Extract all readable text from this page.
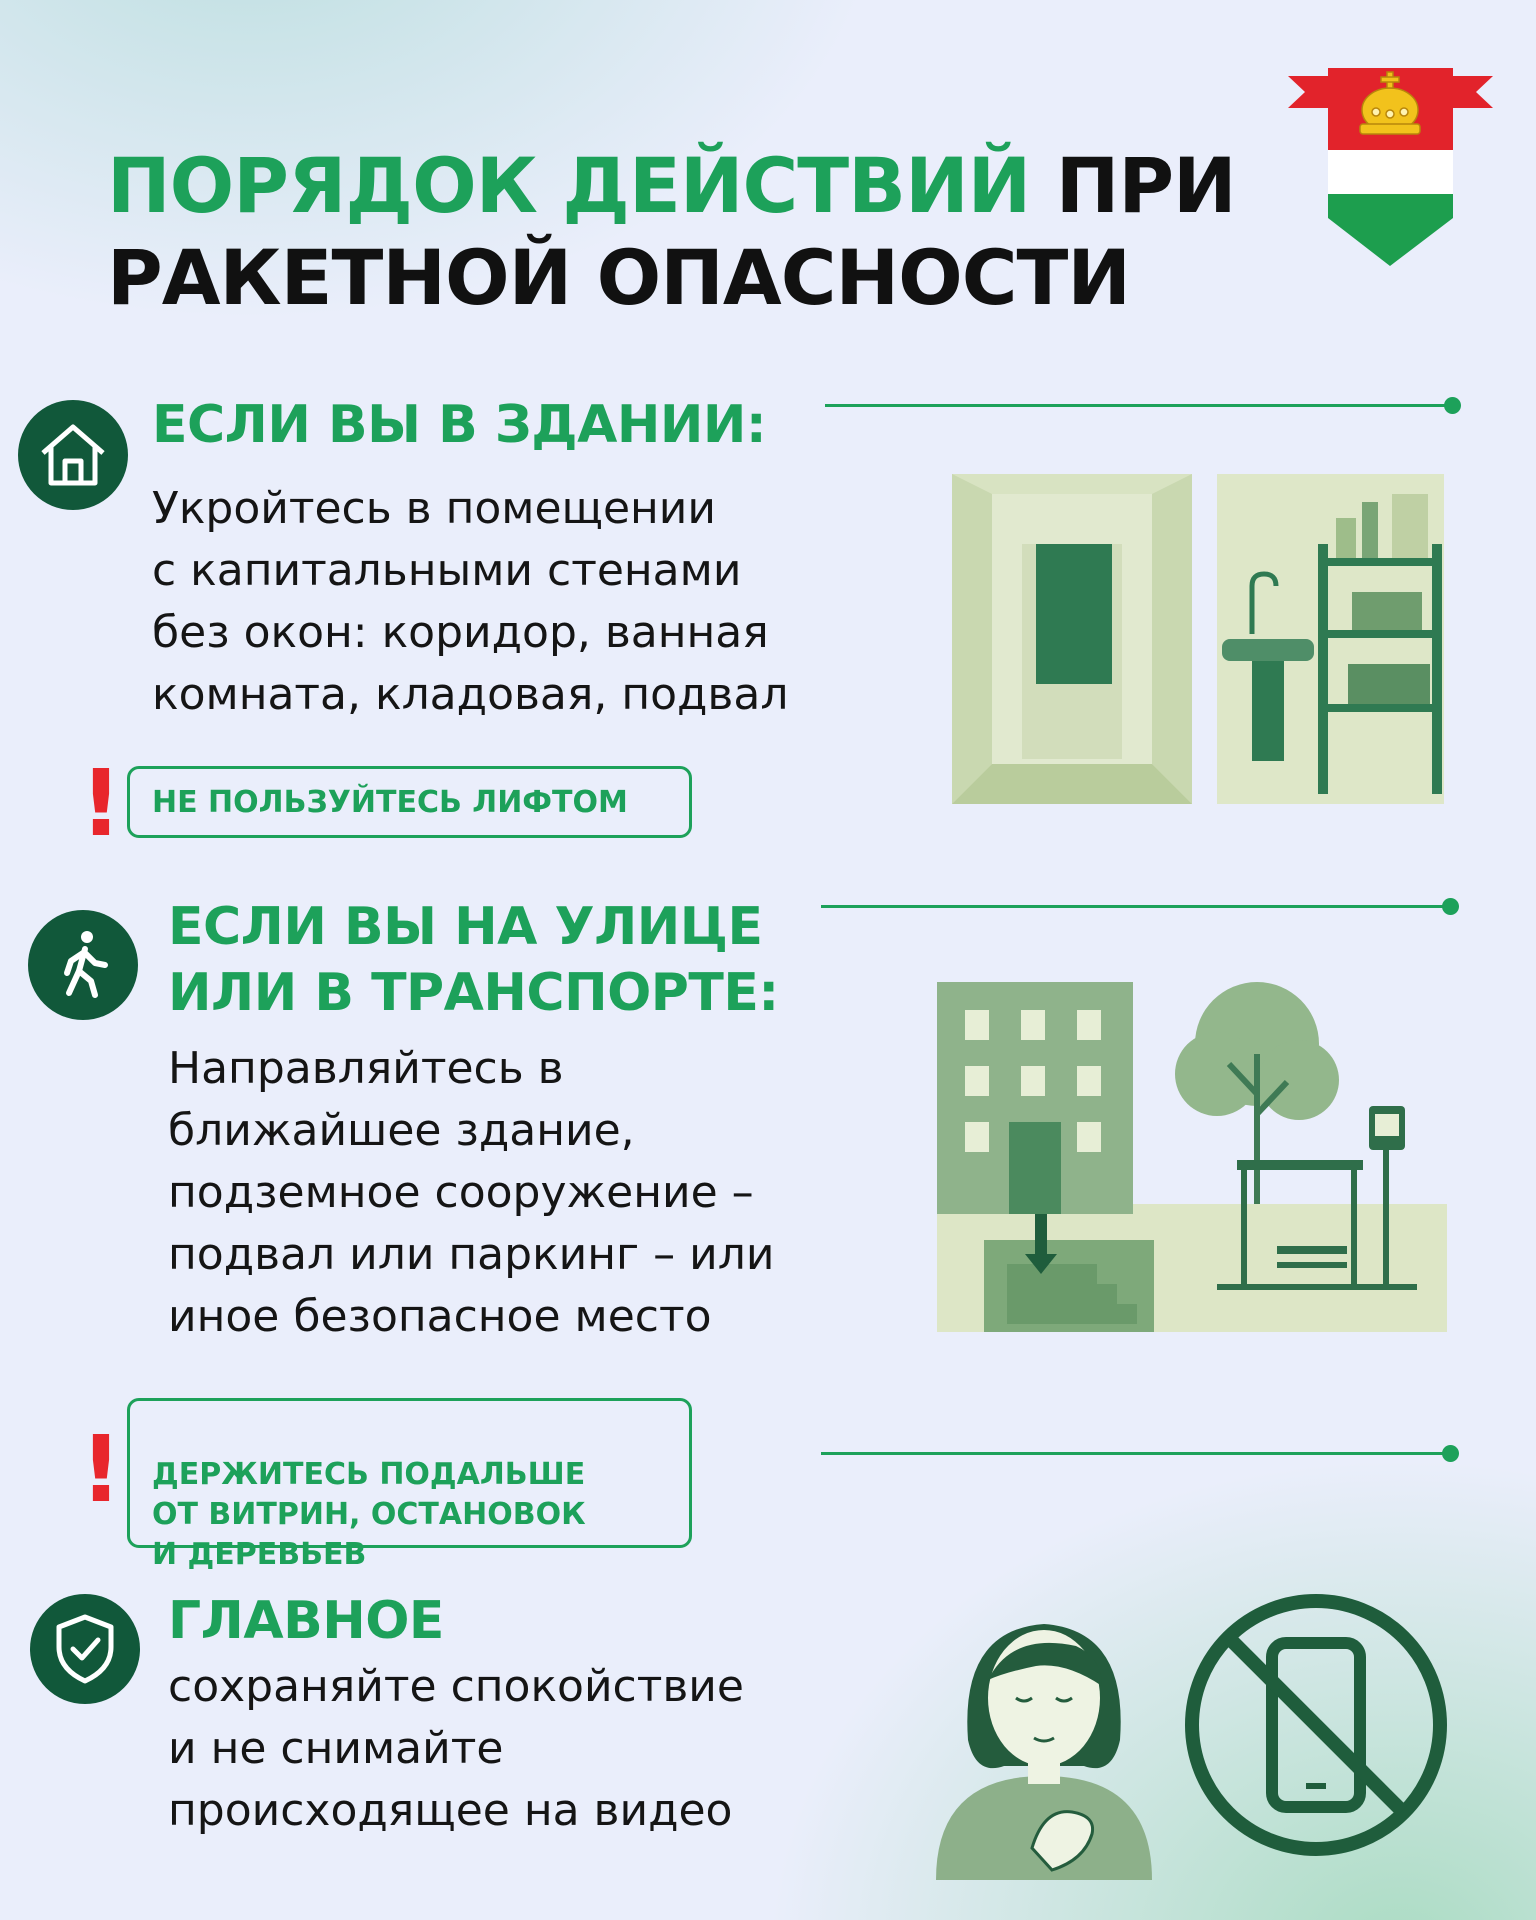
ПОРЯДОК ДЕЙСТВИЙ ПРИ
РАКЕТНОЙ ОПАСНОСТИ
ЕСЛИ ВЫ В ЗДАНИИ:

Укройтесь в помещении
с капитальными стенами
без окон: коридор, ванная
комната, кладовая, подвал

!	НЕ ПОЛЬЗУЙТЕСЬ ЛИФТОМ
ЕСЛИ ВЫ НА УЛИЦЕ
ИЛИ В ТРАНСПОРТЕ:

Направляйтесь в
ближайшее здание,
подземное сооружение –
подвал или паркинг – или
иное безопасное место

!	ДЕРЖИТЕСЬ ПОДАЛЬШЕ
ОТ ВИТРИН, ОСТАНОВОК
И ДЕРЕВЬЕВ

ГЛАВНОЕ

сохраняйте спокойствие
и не снимайте
происходящее на видео
